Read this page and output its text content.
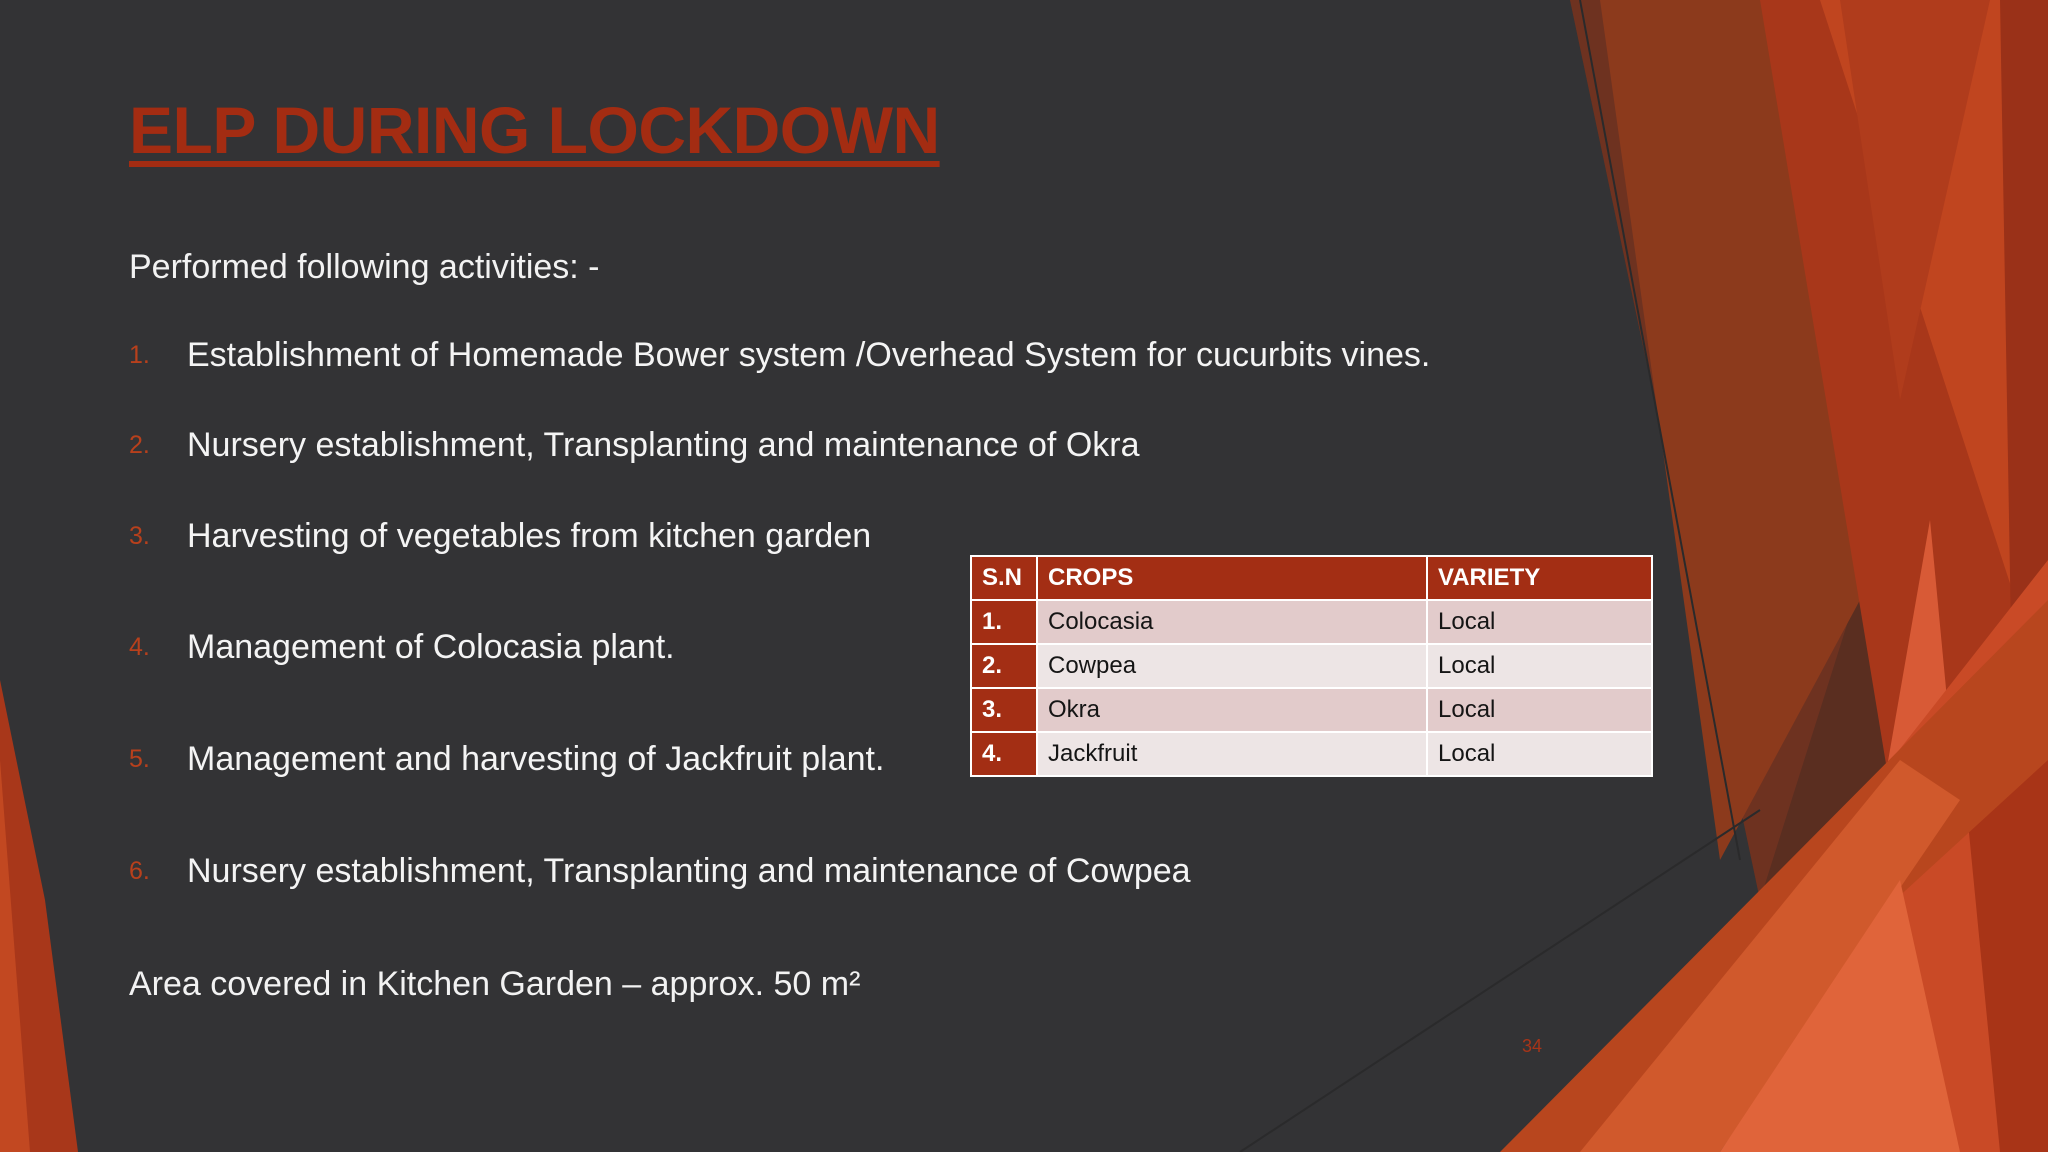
ELP DURING LOCKDOWN
Performed following activities: -
1. Establishment of Homemade Bower system /Overhead System for cucurbits vines.
2. Nursery establishment, Transplanting and maintenance of Okra
3. Harvesting of vegetables from kitchen garden
4. Management of Colocasia plant.
5. Management and harvesting of Jackfruit plant.
6. Nursery establishment, Transplanting and maintenance of Cowpea
S.N	CROPS	VARIETY
1.	Colocasia	Local
2.	Cowpea	Local
3.	Okra	Local
4.	Jackfruit	Local
Area covered in Kitchen Garden – approx. 50 m²
34
